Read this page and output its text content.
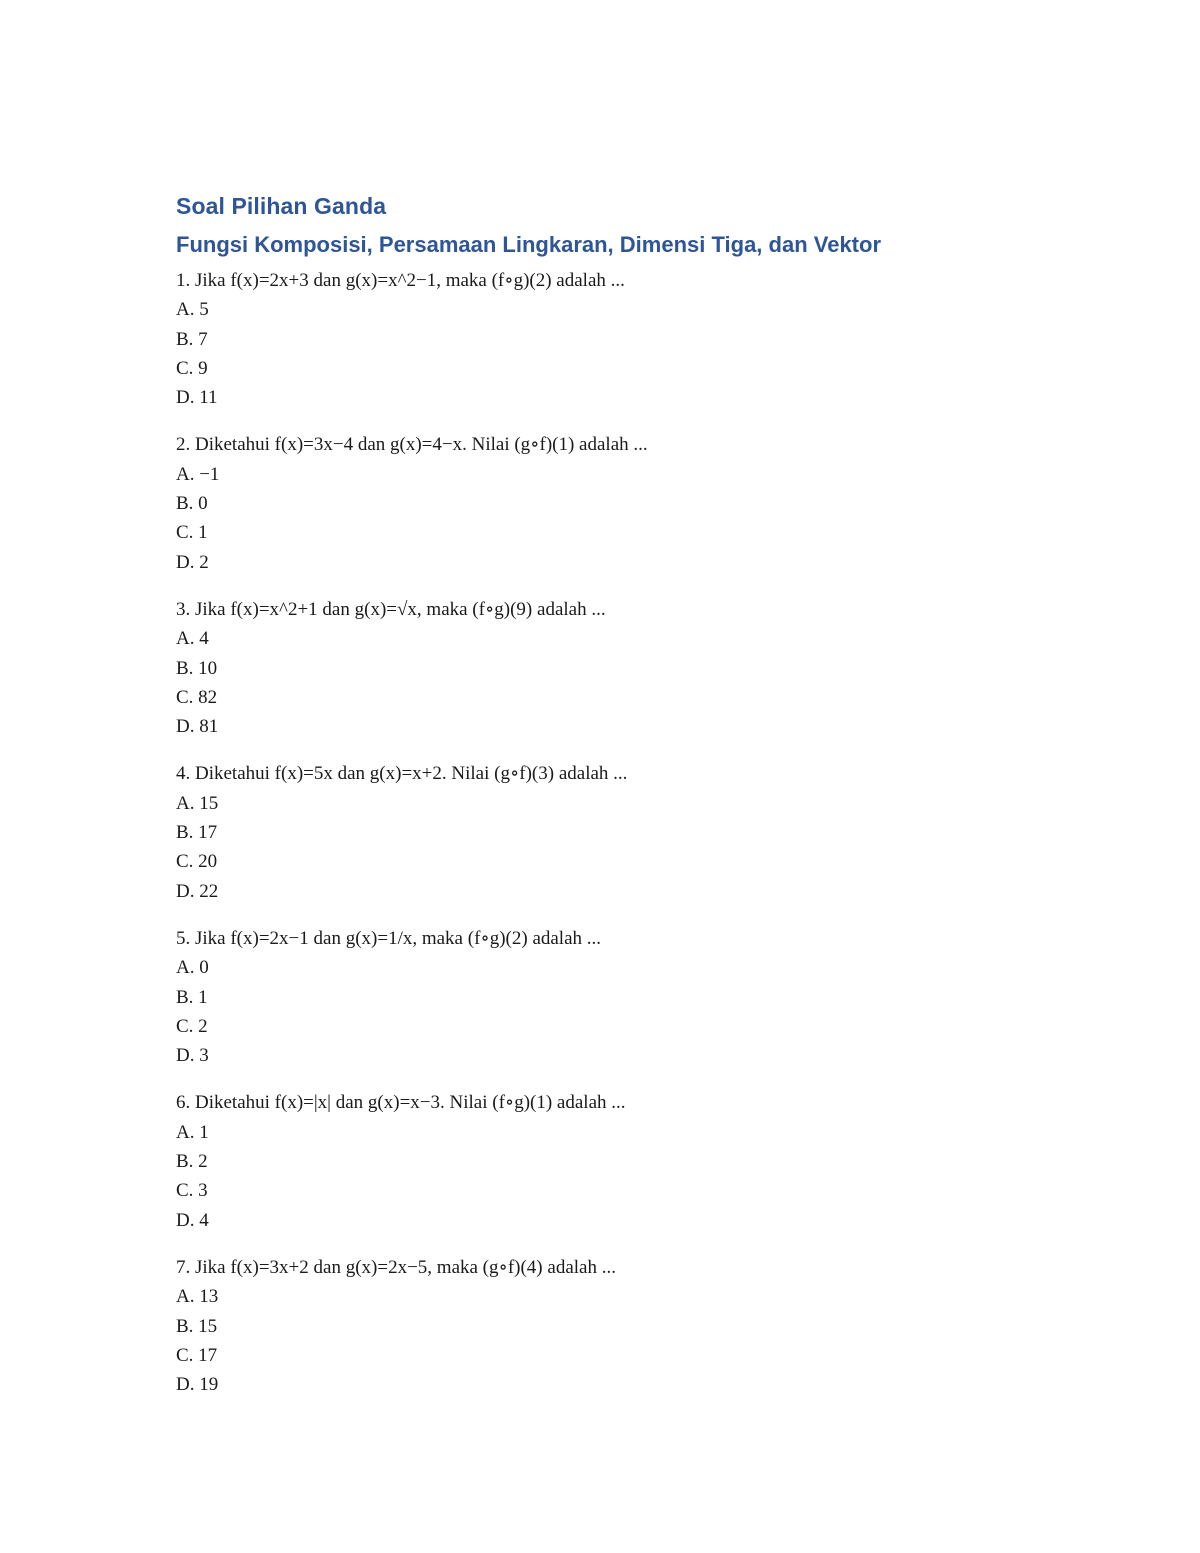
Soal Pilihan Ganda
Fungsi Komposisi, Persamaan Lingkaran, Dimensi Tiga, dan Vektor
1. Jika f(x)=2x+3 dan g(x)=x^2−1, maka (f∘g)(2) adalah ...
A. 5
B. 7
C. 9
D. 11
2. Diketahui f(x)=3x−4 dan g(x)=4−x. Nilai (g∘f)(1) adalah ...
A. −1
B. 0
C. 1
D. 2
3. Jika f(x)=x^2+1 dan g(x)=√x, maka (f∘g)(9) adalah ...
A. 4
B. 10
C. 82
D. 81
4. Diketahui f(x)=5x dan g(x)=x+2. Nilai (g∘f)(3) adalah ...
A. 15
B. 17
C. 20
D. 22
5. Jika f(x)=2x−1 dan g(x)=1/x, maka (f∘g)(2) adalah ...
A. 0
B. 1
C. 2
D. 3
6. Diketahui f(x)=|x| dan g(x)=x−3. Nilai (f∘g)(1) adalah ...
A. 1
B. 2
C. 3
D. 4
7. Jika f(x)=3x+2 dan g(x)=2x−5, maka (g∘f)(4) adalah ...
A. 13
B. 15
C. 17
D. 19
